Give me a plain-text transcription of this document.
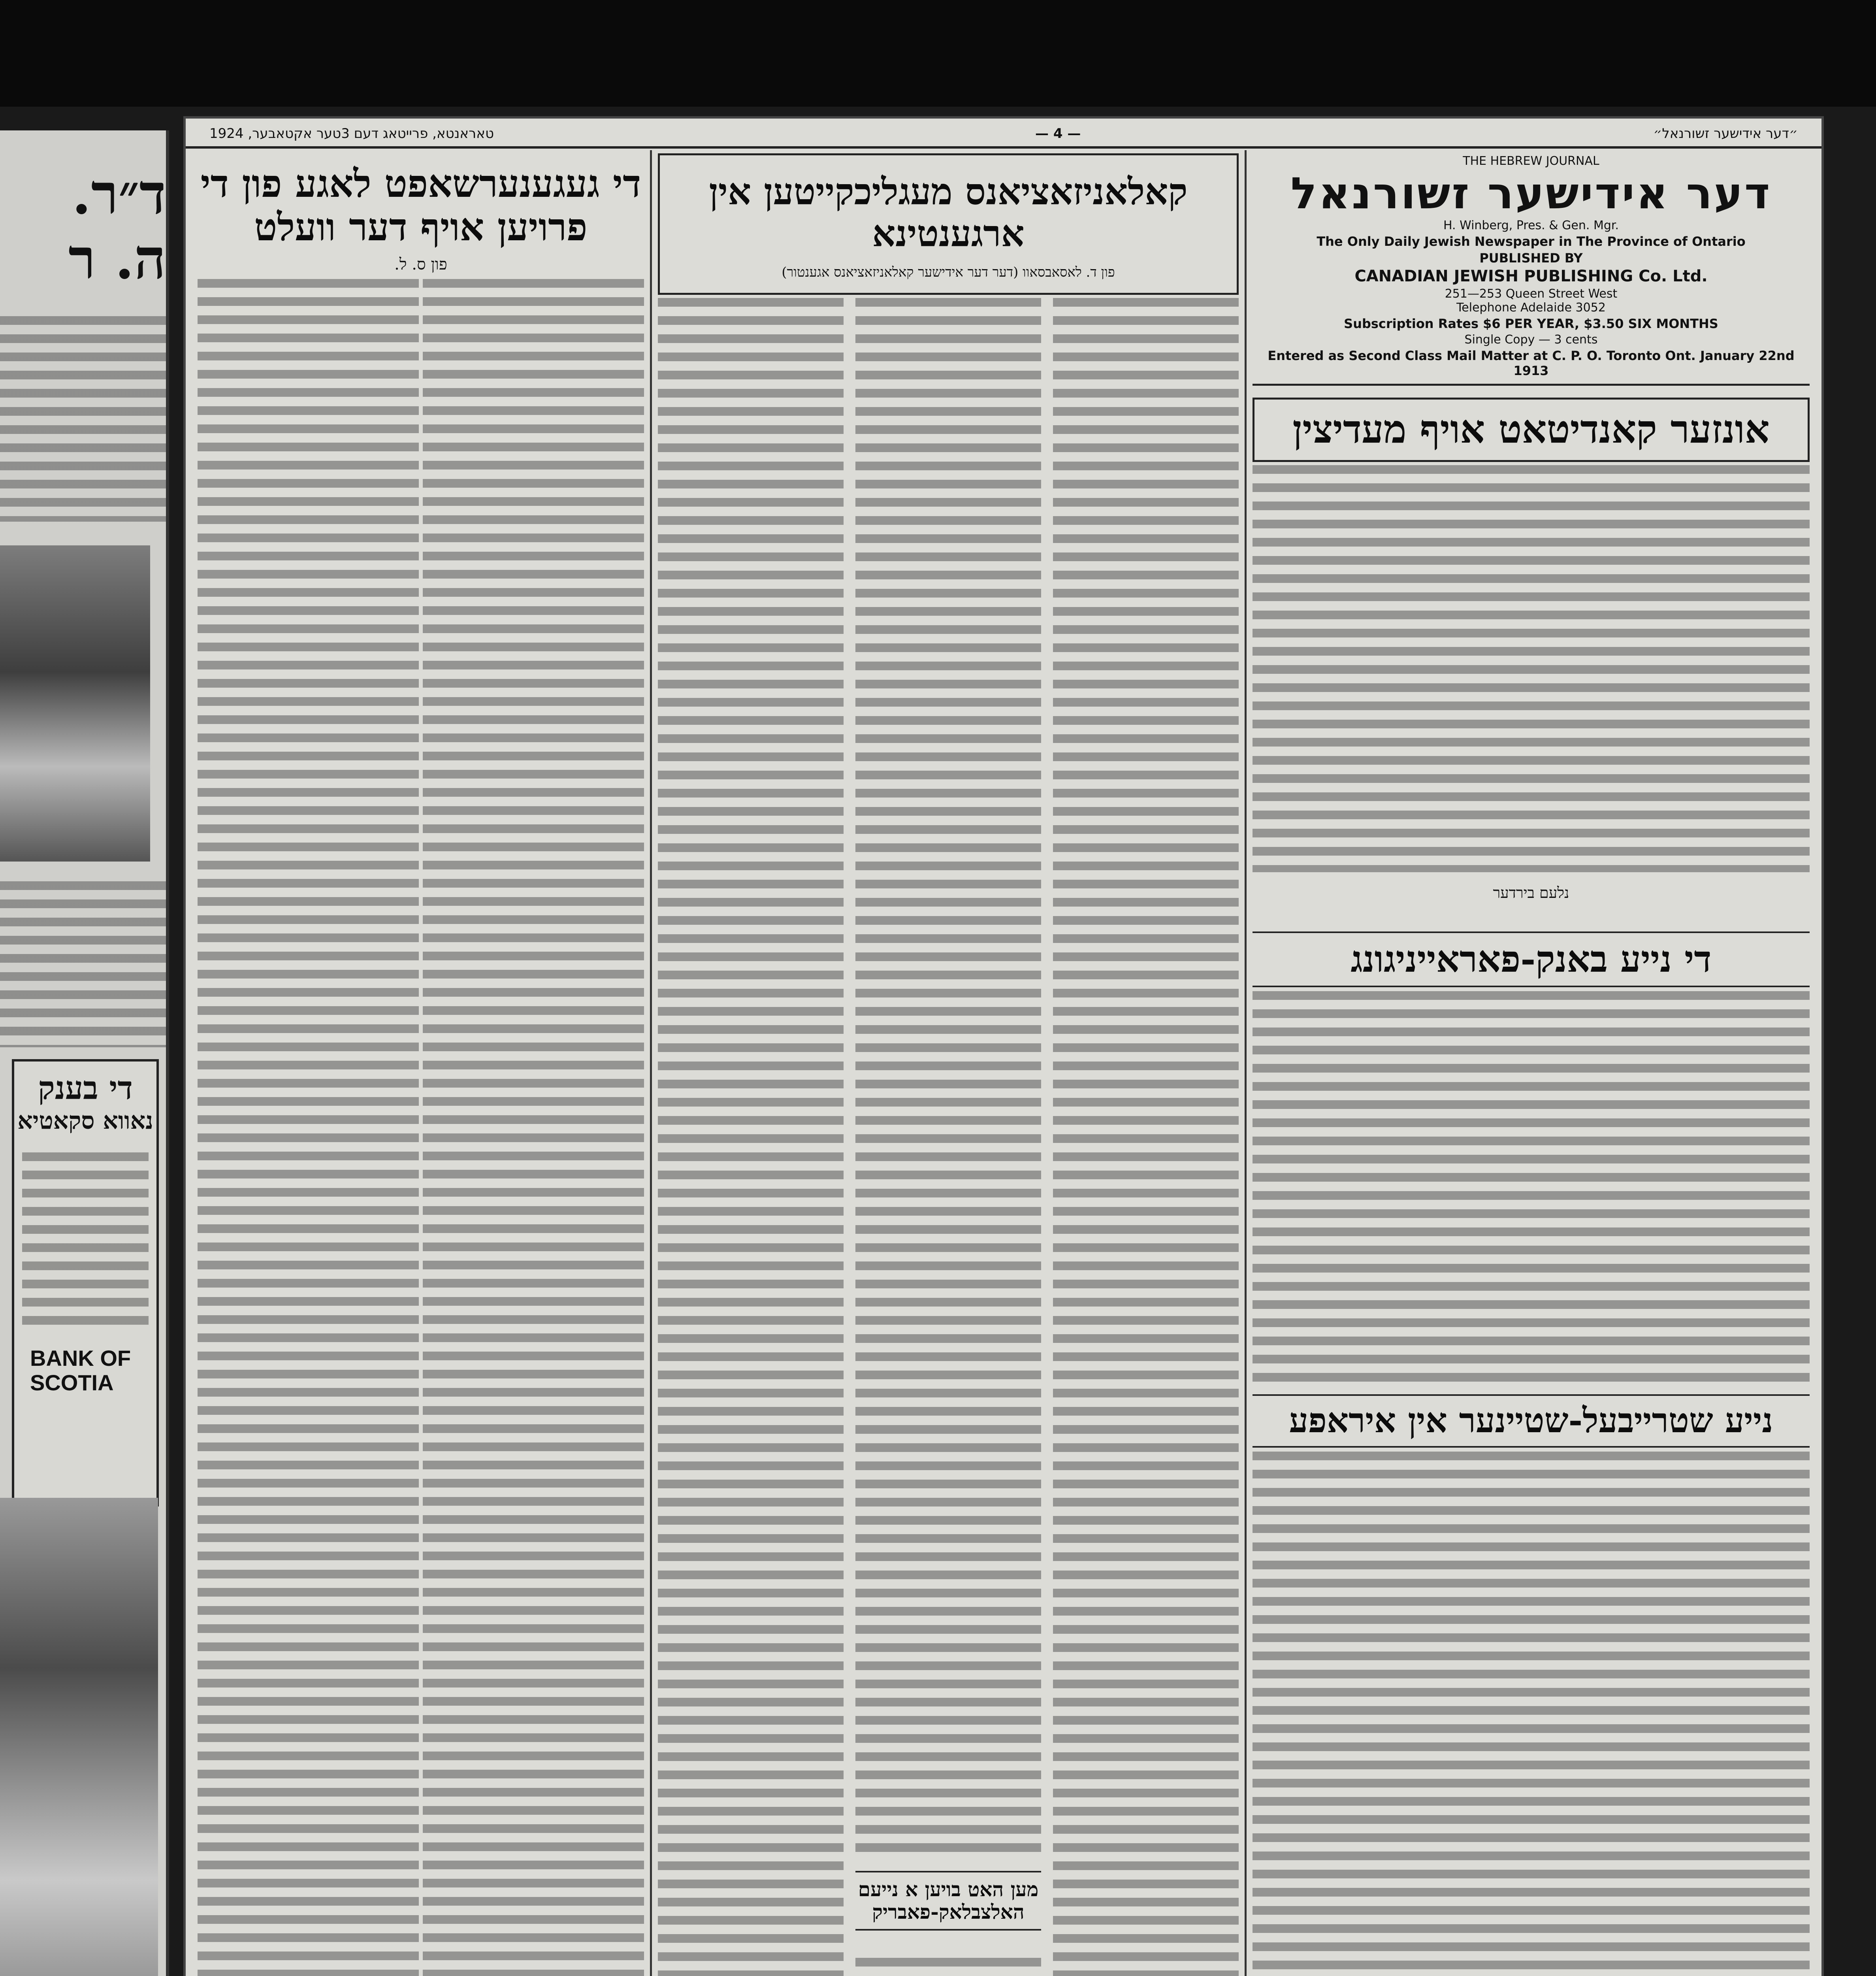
ד״ר. ה. ר
די בענק
נאווא סקאטיא
BANK OF SCOTIA
טאראנטא, פרייטאג דעם 3טער אקטאבער, 1924	— 4 —	״דער אידישער זשורנאל״
די געגענערשאפט לאגע פון די פרויען אויף דער וועלט
פון ס. ל.
קאלאניזאציאנס מעגליכקייטען אין ארגענטינא
פון ד. לאסאבסאוו (דער דער אידישער קאלאניזאציאנס אגענטור)
מען האט בויען א נייעם האלצבלאק-פאבריק
THE HEBREW JOURNAL
דער אידישער זשורנאל
H. Winberg, Pres. & Gen. Mgr.
The Only Daily Jewish Newspaper in The Province of Ontario
PUBLISHED BY
CANADIAN JEWISH PUBLISHING Co. Ltd.
251—253 Queen Street West
Telephone Adelaide 3052
Subscription Rates $6 PER YEAR, $3.50 SIX MONTHS
Single Copy — 3 cents
Entered as Second Class Mail Matter at C. P. O. Toronto Ont. January 22nd 1913
אונזער קאנדיטאט אויף מעדיצין
נלעם בירדער
די נייע באנק-פאראייניגונג
נייע שטרייבעל-שטיינער אין איראפע
